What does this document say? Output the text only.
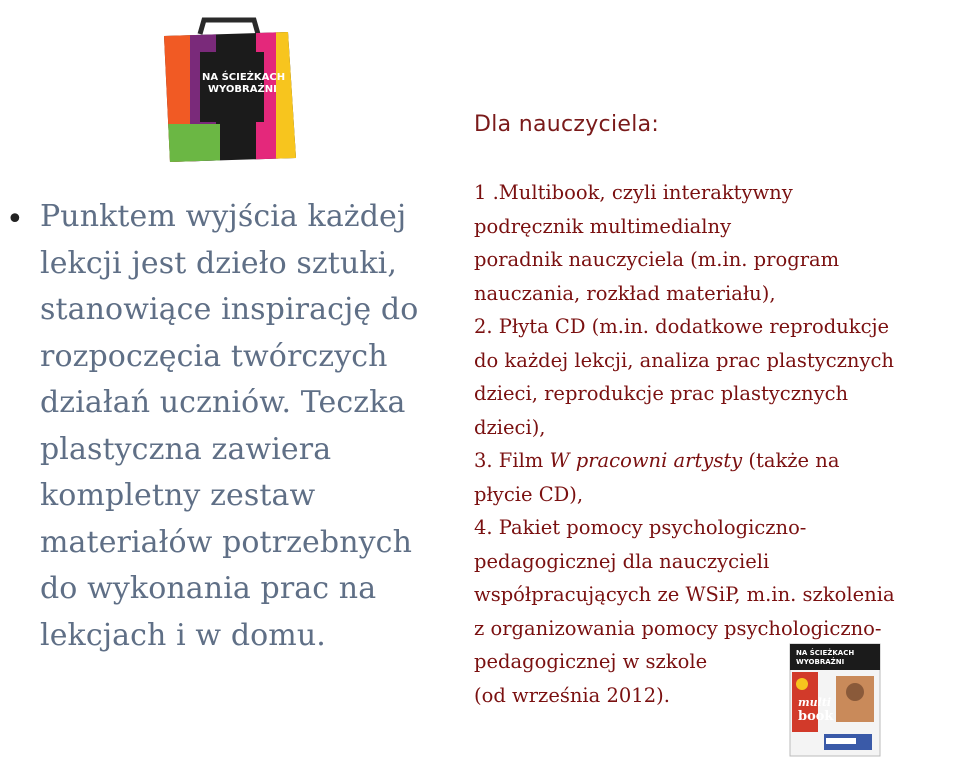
NA ŚCIEŻKACH
WYOBRAŹNI
Dla nauczyciela:
• Punktem wyjścia każdej
lekcji jest dzieło sztuki,
stanowiące inspirację do
rozpoczęcia twórczych
działań uczniów. Teczka
plastyczna zawiera
kompletny zestaw
materiałów potrzebnych
do wykonania prac na
lekcjach i w domu.
1 .Multibook, czyli interaktywny
podręcznik multimedialny
poradnik nauczyciela (m.in. program
nauczania, rozkład materiału),
2. Płyta CD (m.in. dodatkowe reprodukcje
do każdej lekcji, analiza prac plastycznych
dzieci, reprodukcje prac plastycznych
dzieci),
3. Film W pracowni artysty (także na
płycie CD),
4. Pakiet pomocy psychologiczno-
pedagogicznej dla nauczycieli
współpracujących ze WSiP, m.in. szkolenia
z organizowania pomocy psychologiczno-
pedagogicznej w szkole
(od września 2012).
NA ŚCIEŻKACH
WYOBRAŹNI
multi
book
